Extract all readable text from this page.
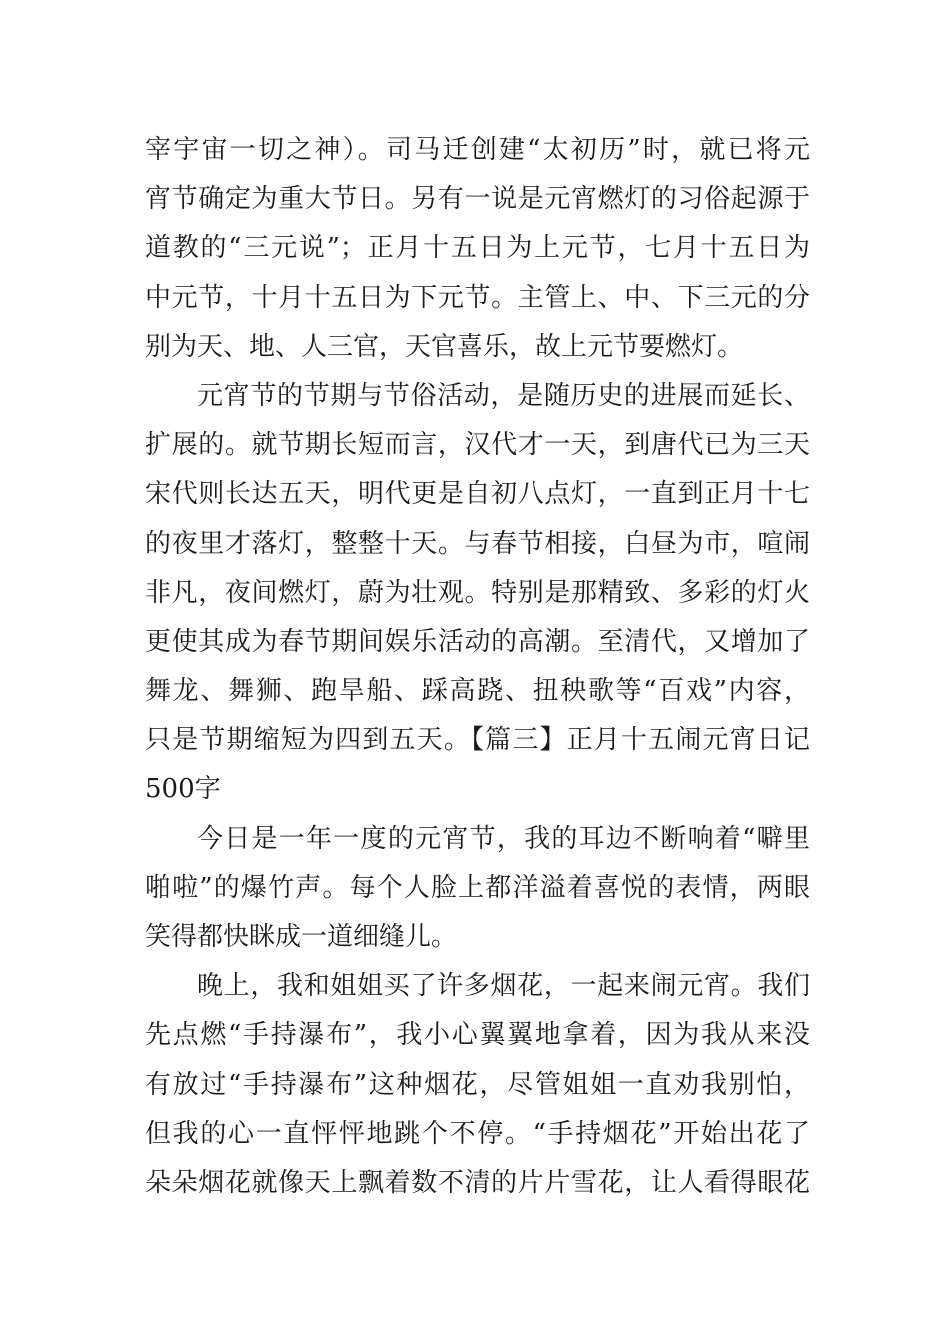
宰宇宙一切之神）。司马迁创建“太初历”时，就已将元
宵节确定为重大节日。另有一说是元宵燃灯的习俗起源于
道教的“三元说”；正月十五日为上元节，七月十五日为
中元节，十月十五日为下元节。主管上、中、下三元的分
别为天、地、人三官，天官喜乐，故上元节要燃灯。
元宵节的节期与节俗活动，是随历史的进展而延长、
扩展的。就节期长短而言，汉代才一天，到唐代已为三天
宋代则长达五天，明代更是自初八点灯，一直到正月十七
的夜里才落灯，整整十天。与春节相接，白昼为市，喧闹
非凡，夜间燃灯，蔚为壮观。特别是那精致、多彩的灯火
更使其成为春节期间娱乐活动的高潮。至清代，又增加了
舞龙、舞狮、跑旱船、踩高跷、扭秧歌等“百戏”内容，
只是节期缩短为四到五天。【篇三】正月十五闹元宵日记
500字
今日是一年一度的元宵节，我的耳边不断响着“噼里
啪啦”的爆竹声。每个人脸上都洋溢着喜悦的表情，两眼
笑得都快眯成一道细缝儿。
晚上，我和姐姐买了许多烟花，一起来闹元宵。我们
先点燃“手持瀑布”，我小心翼翼地拿着，因为我从来没
有放过“手持瀑布”这种烟花，尽管姐姐一直劝我别怕，
但我的心一直怦怦地跳个不停。“手持烟花”开始出花了
朵朵烟花就像天上飘着数不清的片片雪花，让人看得眼花
